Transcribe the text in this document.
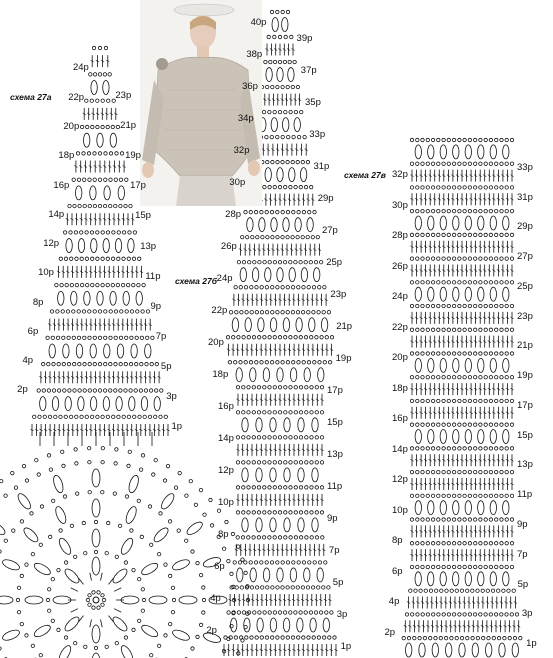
схема 27а
схема 27б
схема 27в
2p
4p
6p
8p
10p
12p
14p
16p
18p
20p
22p
24p
1p
3p
5p
7p
9p
11p
13p
15p
17p
19p
21p
23p
2p
4p
6p
8p
10p
12p
14p
16p
18p
20p
22p
24p
26p
28p
30p
32p
34p
36p
38p
40p
1p
3p
5p
7p
9p
11p
13p
15p
17p
19p
21p
23p
25p
27p
29p
31p
33p
35p
37p
39p
2p
4p
6p
8p
10p
12p
14p
16p
18p
20p
22p
24p
26p
28p
30p
32p
1p
3p
5p
7p
9p
11p
13p
15p
17p
19p
21p
23p
25p
27p
29p
31p
33p
